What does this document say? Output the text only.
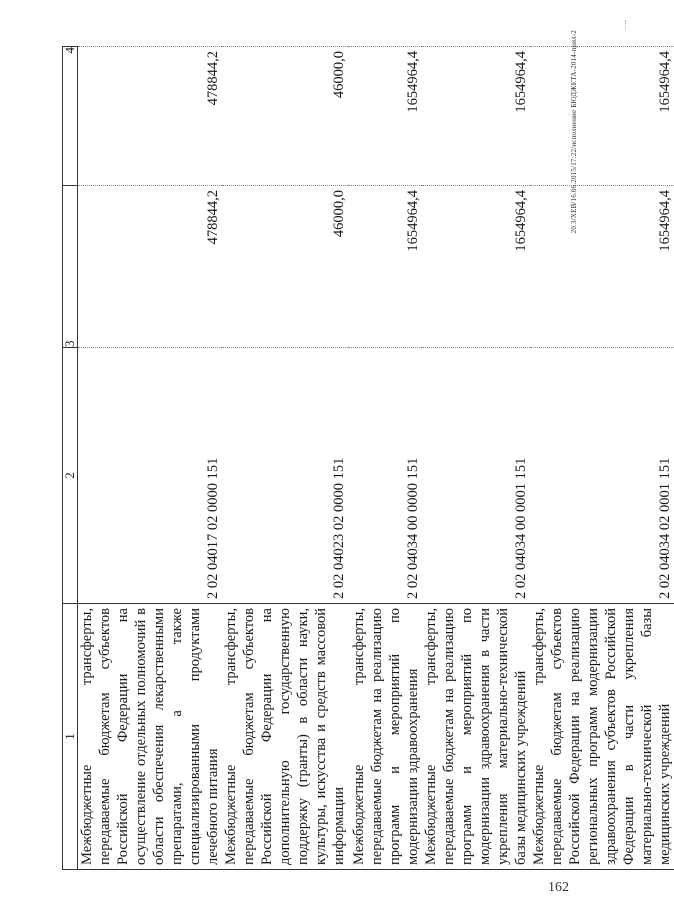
1	2	3	4
Межбюджетные трансферты, передаваемые бюджетам субъектов Российской Федерации на осуществление отдельных полномочий в области обеспечения лекарственными препаратами, а также специализированными продуктами лечебного питания	2 02 04017 02 0000 151	478844,2	478844,2
Межбюджетные трансферты, передаваемые бюджетам субъектов Российской Федерации на дополнительную государственную поддержку (гранты) в области науки, культуры, искусства и средств массовой информации	2 02 04023 02 0000 151	46000,0	46000,0
Межбюджетные трансферты, передаваемые бюджетам на реализацию программ и мероприятий по модернизации здравоохранения	2 02 04034 00 0000 151	1654964,4	1654964,4
Межбюджетные трансферты, передаваемые бюджетам на реализацию программ и мероприятий по модернизации здравоохранения в части укрепления материально-технической базы медицинских учреждений	2 02 04034 00 0001 151	1654964,4	1654964,4
Межбюджетные трансферты, передаваемые бюджетам субъектов Российской Федерации на реализацию региональных программ модернизации здравоохранения субъектов Российской Федерации в части укрепления материально-технической базы медицинских учреждений	2 02 04034 02 0001 151	1654964,4	1654964,4
20.3/ХЕВ/16.06.2015/17:22/исполнение БЮДЖЕТА-2014-прил-2
162
